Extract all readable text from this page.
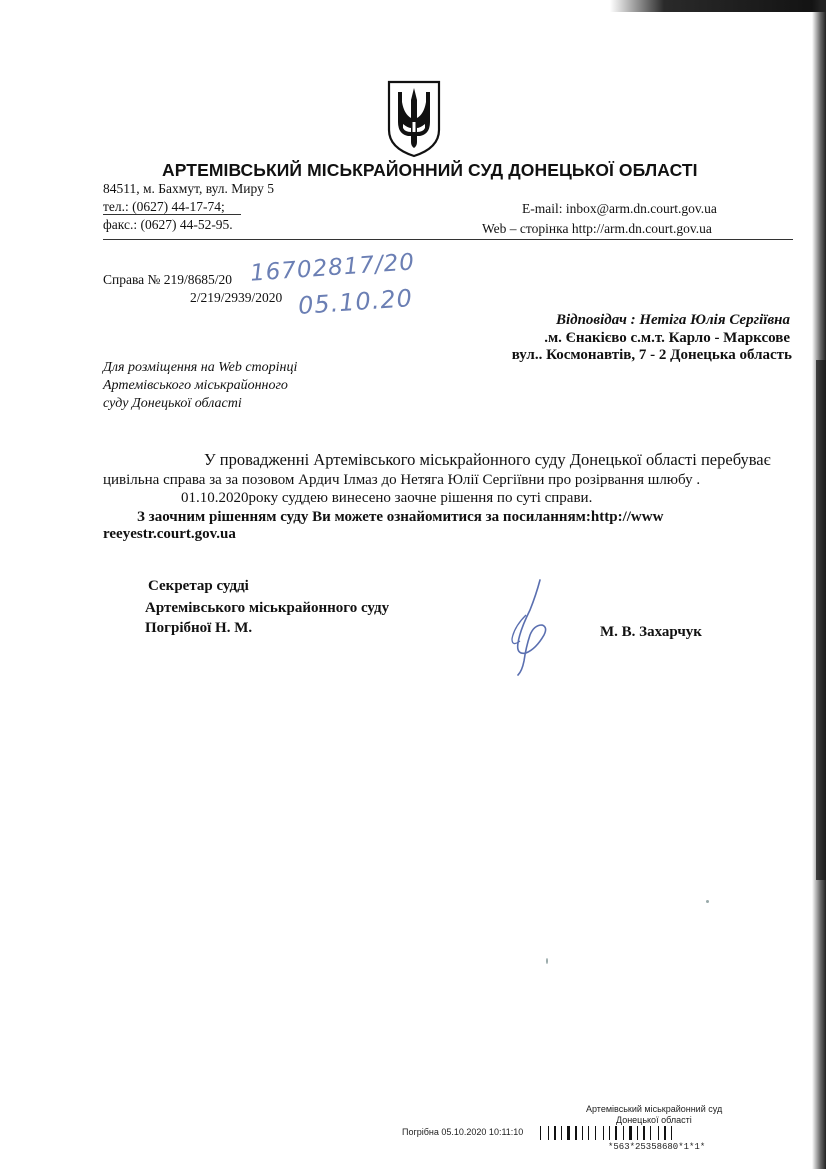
АРТЕМІВСЬКИЙ МІСЬКРАЙОННИЙ СУД ДОНЕЦЬКОЇ ОБЛАСТІ
84511, м. Бахмут, вул. Миру 5
тел.: (0627) 44-17-74;
факс.: (0627) 44-52-95.
E-mail: inbox@arm.dn.court.gov.ua
Web – сторінка http://arm.dn.court.gov.ua
Справа № 219/8685/20 16702817/20
2/219/2939/2020 05.10.20
Відповідач : Нетіга Юлія Сергіївна
.м. Єнакієво с.м.т. Карло - Марксове
вул.. Космонавтів, 7 - 2 Донецька область
Для розміщення на Web сторінці
Артемівського міськрайонного
суду Донецької області
У провадженні Артемівського міськрайонного суду Донецької області перебуває
цивільна справа за за позовом Ардич Ілмаз до Нетяга Юлії Сергіївни про розірвання шлюбу .
01.10.2020року суддею винесено заочне рішення по суті справи.
З заочним рішенням суду Ви можете ознайомитися за посиланням:http://www
reeyestr.court.gov.ua
Секретар судді
Артемівського міськрайонного суду
Погрібної Н. М.	М. В. Захарчук
Артемівський міськрайонний суд
Донецької області
Погрібна 05.10.2020 10:11:10
*563*25358680*1*1*
